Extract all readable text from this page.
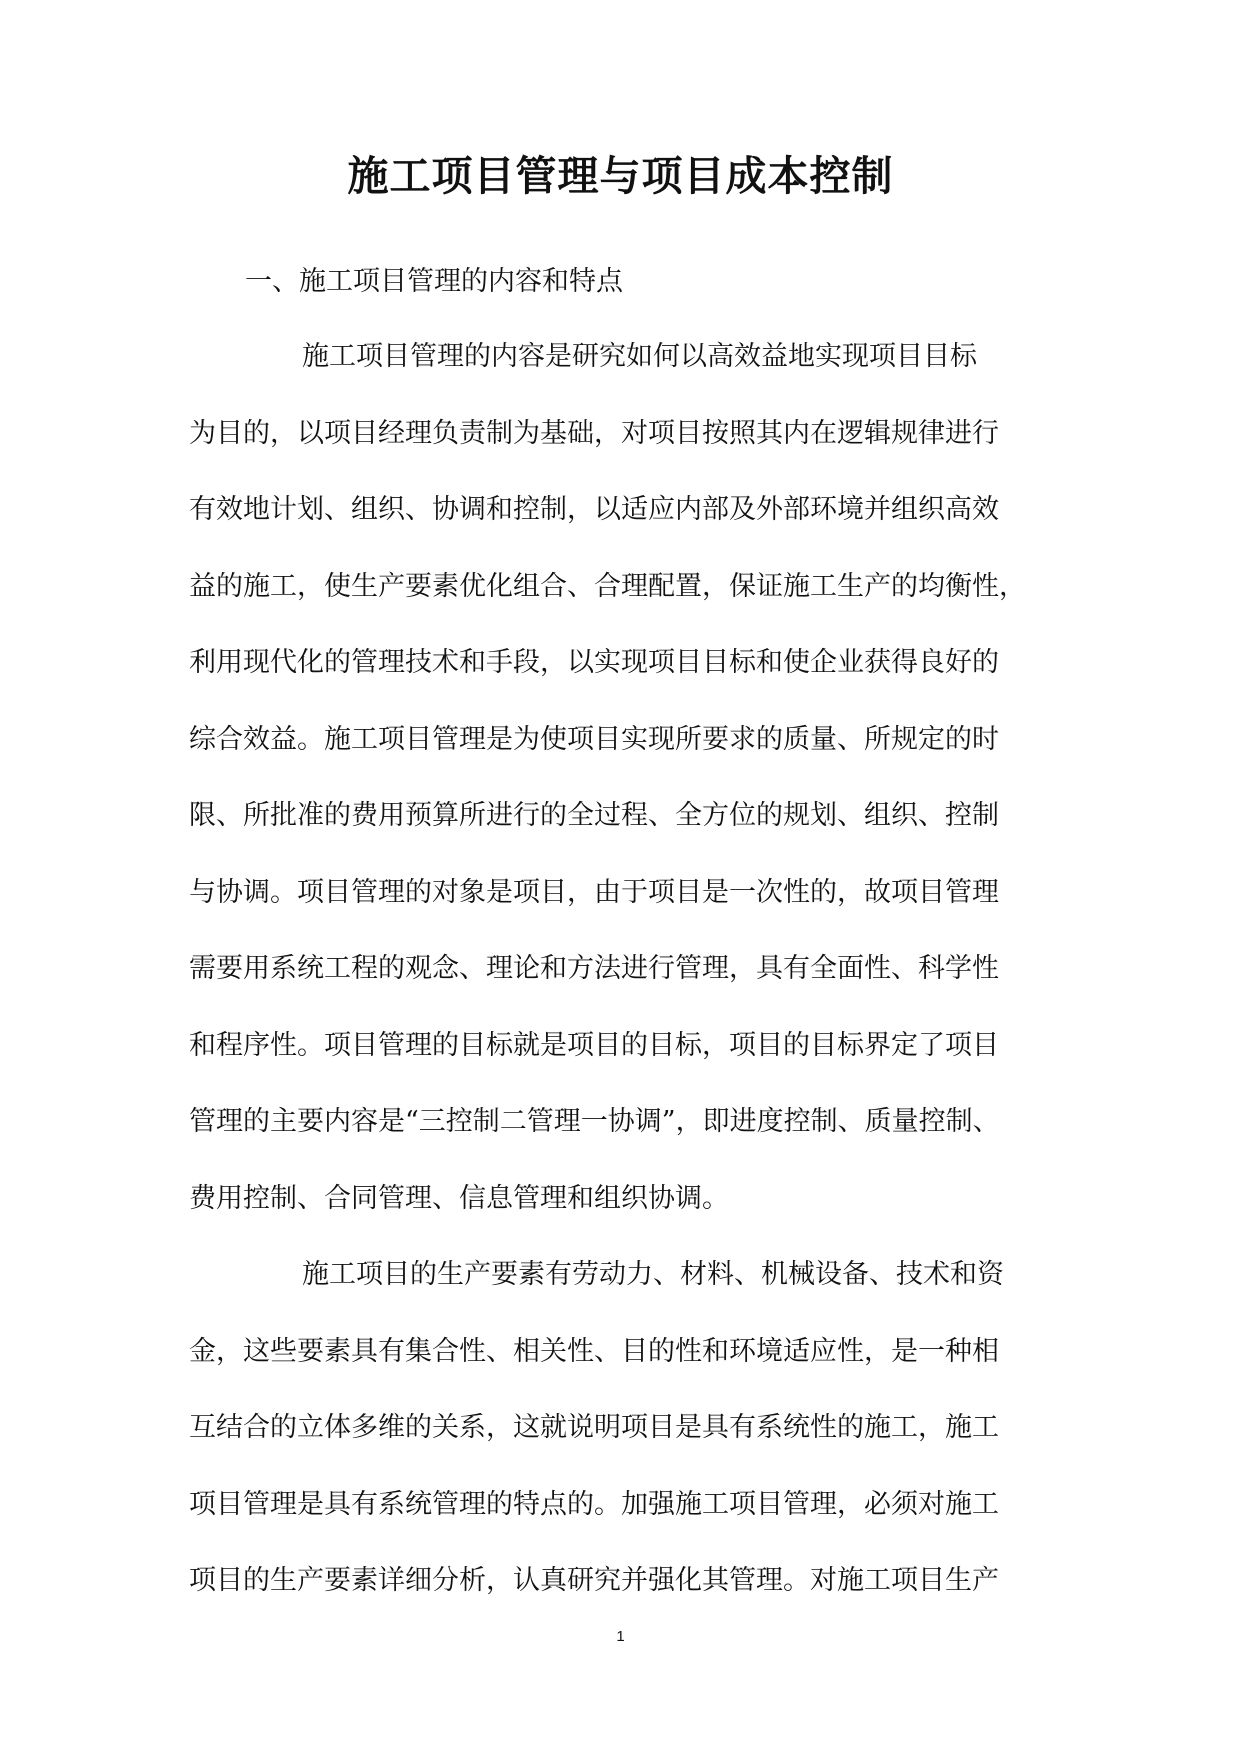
施工项目管理与项目成本控制

一、施工项目管理的内容和特点

施工项目管理的内容是研究如何以高效益地实现项目目标

为目的，以项目经理负责制为基础，对项目按照其内在逻辑规律进行

有效地计划、组织、协调和控制，以适应内部及外部环境并组织高效

益的施工，使生产要素优化组合、合理配置，保证施工生产的均衡性，

利用现代化的管理技术和手段，以实现项目目标和使企业获得良好的

综合效益。施工项目管理是为使项目实现所要求的质量、所规定的时

限、所批准的费用预算所进行的全过程、全方位的规划、组织、控制

与协调。项目管理的对象是项目，由于项目是一次性的，故项目管理

需要用系统工程的观念、理论和方法进行管理，具有全面性、科学性

和程序性。项目管理的目标就是项目的目标，项目的目标界定了项目

管理的主要内容是“三控制二管理一协调”，即进度控制、质量控制、

费用控制、合同管理、信息管理和组织协调。

施工项目的生产要素有劳动力、材料、机械设备、技术和资

金，这些要素具有集合性、相关性、目的性和环境适应性，是一种相

互结合的立体多维的关系，这就说明项目是具有系统性的施工，施工

项目管理是具有系统管理的特点的。加强施工项目管理，必须对施工

项目的生产要素详细分析，认真研究并强化其管理。对施工项目生产

1
